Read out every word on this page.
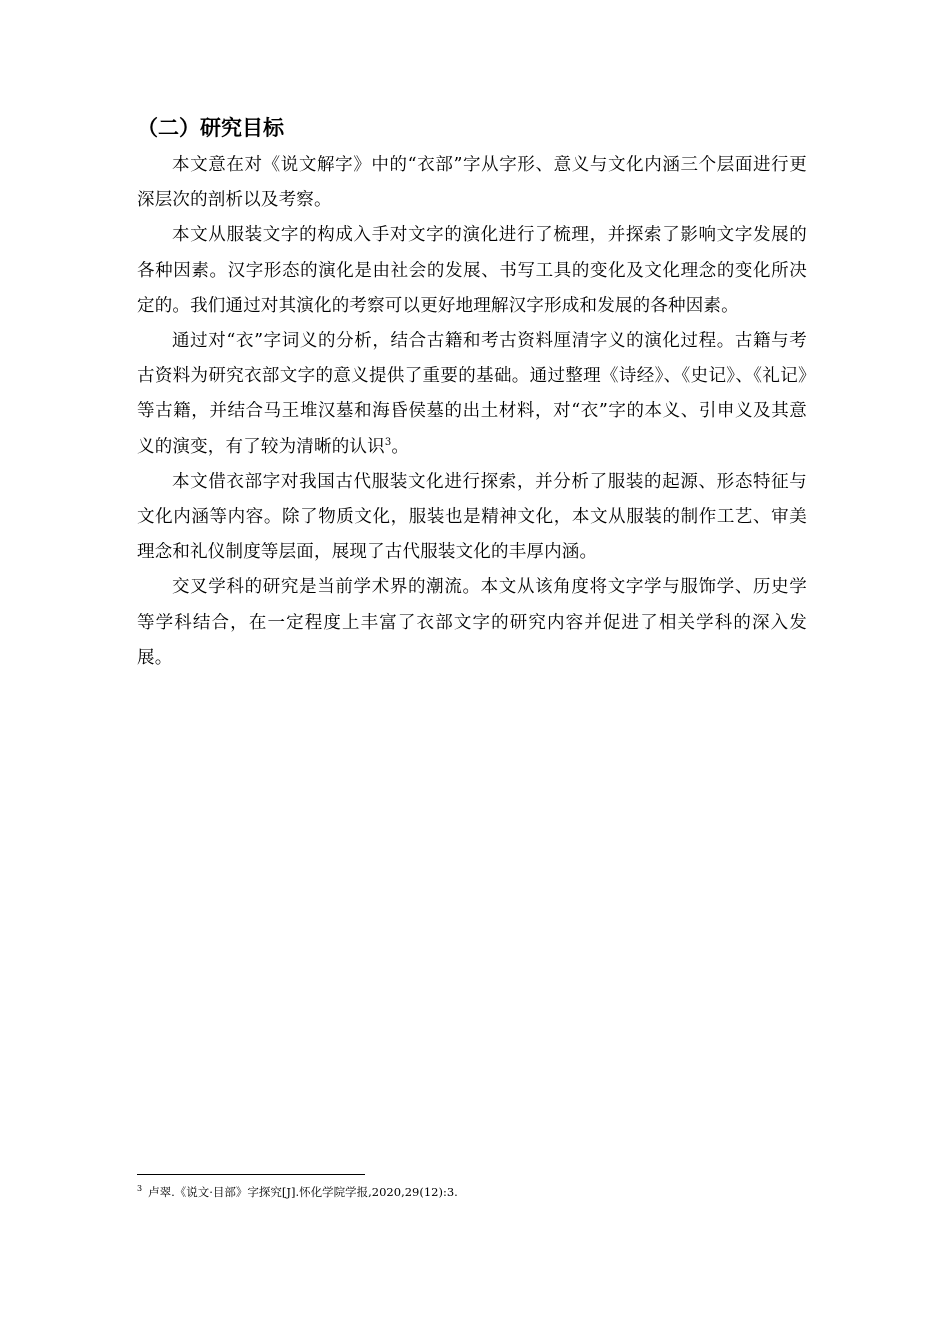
（二）研究目标

本文意在对《说文解字》中的“衣部”字从字形、意义与文化内涵三个层面进行更深层次的剖析以及考察。

本文从服装文字的构成入手对文字的演化进行了梳理，并探索了影响文字发展的各种因素。汉字形态的演化是由社会的发展、书写工具的变化及文化理念的变化所决定的。我们通过对其演化的考察可以更好地理解汉字形成和发展的各种因素。

通过对“衣”字词义的分析，结合古籍和考古资料厘清字义的演化过程。古籍与考古资料为研究衣部文字的意义提供了重要的基础。通过整理《诗经》、《史记》、《礼记》等古籍，并结合马王堆汉墓和海昏侯墓的出土材料，对“衣”字的本义、引申义及其意义的演变，有了较为清晰的认识$^3$。

本文借衣部字对我国古代服装文化进行探索，并分析了服装的起源、形态特征与文化内涵等内容。除了物质文化，服装也是精神文化，本文从服装的制作工艺、审美理念和礼仪制度等层面，展现了古代服装文化的丰厚内涵。

交叉学科的研究是当前学术界的潮流。本文从该角度将文字学与服饰学、历史学等学科结合，在一定程度上丰富了衣部文字的研究内容并促进了相关学科的深入发展。

$^3$ 卢翠.《说文·目部》字探究[J].怀化学院学报,2020,29(12):3.
